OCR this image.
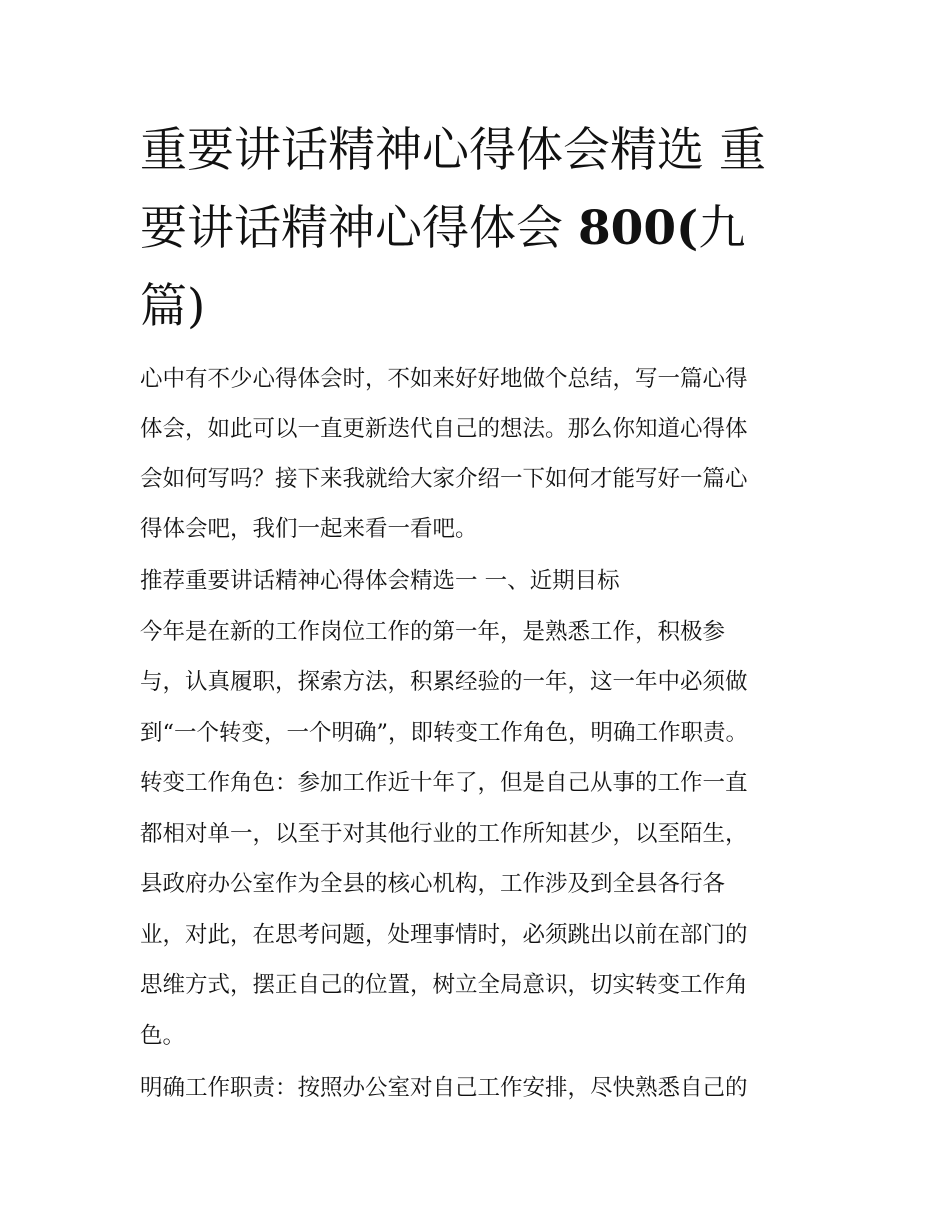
重要讲话精神心得体会精选 重
要讲话精神心得体会 800(九
篇)

心中有不少心得体会时，不如来好好地做个总结，写一篇心得

体会，如此可以一直更新迭代自己的想法。那么你知道心得体

会如何写吗？接下来我就给大家介绍一下如何才能写好一篇心

得体会吧，我们一起来看一看吧。

推荐重要讲话精神心得体会精选一 一、近期目标

今年是在新的工作岗位工作的第一年，是熟悉工作，积极参

与，认真履职，探索方法，积累经验的一年，这一年中必须做

到“一个转变，一个明确”，即转变工作角色，明确工作职责。

转变工作角色：参加工作近十年了，但是自己从事的工作一直

都相对单一，以至于对其他行业的工作所知甚少，以至陌生，

县政府办公室作为全县的核心机构，工作涉及到全县各行各

业，对此，在思考问题，处理事情时，必须跳出以前在部门的

思维方式，摆正自己的位置，树立全局意识，切实转变工作角

色。

明确工作职责：按照办公室对自己工作安排，尽快熟悉自己的
